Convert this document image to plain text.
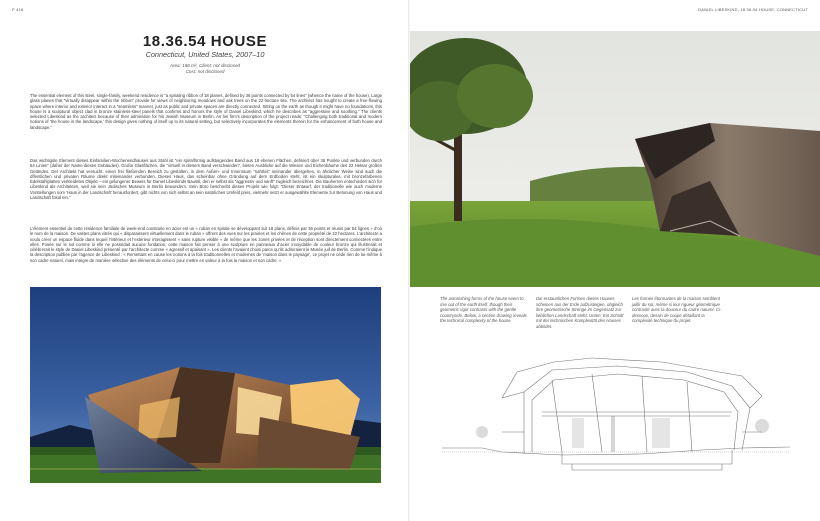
P 416
18.36.54 HOUSE
Connecticut, United States, 2007–10
Area: 186 m², Client: not disclosed
Cost: not disclosed

The essential element of this steel, single-family, weekend residence is “a spiraling ribbon of 18 planes, defined by 36 points connected by 54 lines” (whence the name of the house). Large glass planes that “virtually disappear within the ribbon” provide for views of neighboring meadows and oak trees on the 22-hectare site. The architect has sought to create a free-flowing space where interior and exterior interact in a “seamless” manner, just as public and private spaces are directly connected. Sitting on the earth as though it might have no foundations, this house is a sculptural object clad in bronze stainless-steel panels that confirms and honors the style of Daniel Libeskind, which he describes as “aggressive and soothing.” The clients selected Libeskind as the architect because of their admiration for his Jewish Museum in Berlin. As his firm’s description of the project reads: “Challenging both traditional and modern notions of ‘the house in the landscape,’ this design gives nothing of itself up to its natural setting, but selectively incorporates the elements therein for the enhancement of both house and landscape.”

Das wichtigste Element dieses Einfamilien-Wochenendhauses aus Stahl ist “ein spiralförmig aufsteigendes Band aus 18 ebenen Flächen, definiert über 36 Punkte und verbunden durch 54 Linien” (daher der Name dieses Gebäudes). Große Glasflächen, die “virtuell in diesem Band verschwinden”, bieten Ausblicke auf die Wiesen und Eichenbäume des 22 Hektar großen Geländes. Der Architekt hat versucht, einen frei fließenden Bereich zu gestalten, in dem Außen- und Innenraum “nahtlos” ineinander übergehen, in ähnlicher Weise sind auch die öffentlichen und privaten Räume direkt miteinander verbunden. Dieses Haus, das scheinbar ohne Gründung auf dem Erdboden steht, ist ein skulpturales, mit bronzefarbenen Edelstahlplatten verkleidetes Objekt – ein gelungener Beweis für Daniel Libeskinds Baustil, den er selbst als “aggressiv und sanft” zugleich bezeichnet. Die Bauherren entschieden sich für Libeskind als Architekten, weil sie sein Jüdisches Museum in Berlin bewundern. Sein Büro beschreibt dieses Projekt wie folgt: “Dieser Entwurf, der traditionelle wie auch moderne Vorstellungen vom ‘Haus in der Landschaft’ herausfordert, gibt nichts von sich selbst an sein natürliches Umfeld preis, vielmehr setzt er ausgewählte Elemente zur Betonung von Haus und Landschaft fokal ein.”

L’élément essentiel de cette résidence familiale de week-end construite en acier est un « ruban en spirale se développant sur 18 plans, définis par 36 points et réunis par 54 lignes » d’où le nom de la maison. De vastes plans vitrés qui « disparaissent virtuellement dans le ruban » offrent des vues sur les prairies et les chênes de cette propriété de 22 hectares. L’architecte a voulu créer un espace fluide dans lequel l’intérieur et l’extérieur interagissent « sans rupture visible » de même que les zones privées et de réception sont directement connectées entre elles. Posée sur le sol comme si elle ne possédait aucune fondation, cette maison fait penser à une sculpture en panneaux d’acier inoxydable de couleur bronze qui illustrerait et célèbrerait le style de Daniel Libeskind présenté par l’architecte comme « agressif et apaisant ». Les clients l’avaient choisi parce qu’ils admiraient le Musée juif de Berlin. Comme l’indique la description publiée par l’agence de Libeskind : « Remettant en cause les notions à la fois traditionnelles et modernes de ‘maison dans le paysage’, ce projet ne cède rien de lui-même à son cadre naturel, mais intègre de manière sélective des éléments de celui-ci pour mettre en valeur à la fois la maison et son cadre. »

DANIEL LIBESKIND, 18.36.54 HOUSE, CONNECTICUT

The astonishing forms of the house seem to rise out of the earth itself, though their geometric rigor contrasts with the gentle countryside. Below, a section drawing reveals the technical complexity of the house.

Die erstaunlichen Formen dieses Hauses scheinen aus der Erde aufzusteigen, obgleich ihre geometrische Strenge im Gegensatz zur lieblichen Landschaft steht. Unten: Ein Schnitt mit der technischen Komplexität des Hauses abbildet.

Les formes étonnantes de la maison semblent jaillir du sol, même si leur rigueur géométrique contraste avec la douceur du cadre naturel. Ci-dessous, dessin de coupe détaillant la complexité technique du projet.
